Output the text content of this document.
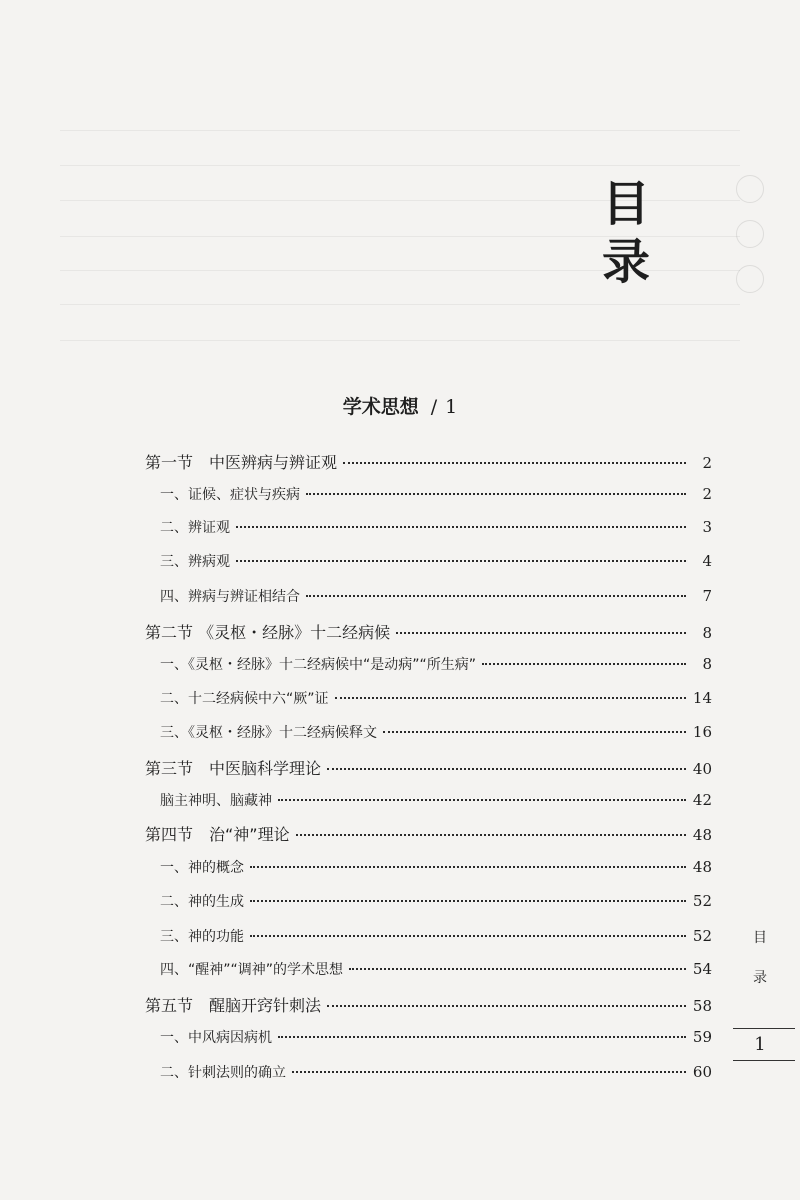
目
录
学术思想 / 1
第一节　中医辨病与辨证观	2
一、证候、症状与疾病	2
二、辨证观	3
三、辨病观	4
四、辨病与辨证相结合	7
第二节 《灵枢・经脉》十二经病候	8
一、《灵枢・经脉》十二经病候中“是动病”“所生病”	8
二、十二经病候中六“厥”证	14
三、《灵枢・经脉》十二经病候释文	16
第三节　中医脑科学理论	40
脑主神明、脑藏神	42
第四节　治“神”理论	48
一、神的概念	48
二、神的生成	52
三、神的功能	52
四、“醒神”“调神”的学术思想	54
第五节　醒脑开窍针刺法	58
一、中风病因病机	59
二、针刺法则的确立	60
目
录
1
